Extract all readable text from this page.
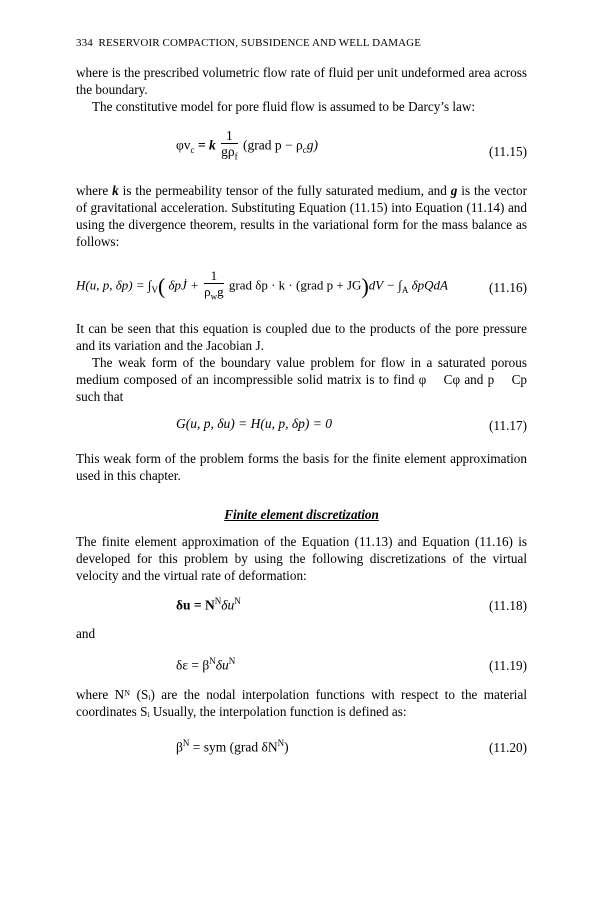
334 RESERVOIR COMPACTION, SUBSIDENCE AND WELL DAMAGE

where is the prescribed volumetric flow rate of fluid per unit undeformed area across the boundary.

The constitutive model for pore fluid flow is assumed to be Darcy’s law:

$\varphi v_c = k \frac{1}{g\rho_f}$ (grad $p - \rho_cg$)	(11.15)

where k is the permeability tensor of the fully saturated medium, and g is the vector of gravitational acceleration. Substituting Equation (11.15) into Equation (11.14) and using the divergence theorem, results in the variational form for the mass balance as follows:

H(u, p, $\delta p) = \int_V$( δpJ̇ + $\frac{1}{\rho_wg}$ grad δp · k · (grad $p + JG)dV - \int_A$ δpQdA	(11.16)

It can be seen that this equation is coupled due to the products of the pore pressure and its variation and the Jacobian J.

The weak form of the boundary value problem for flow in a saturated porous medium composed of an incompressible solid matrix is to find φ  Cφ and p  Cp such that

G(u, p, δu) = H(u, p, δp) = 0	(11.17)

This weak form of the problem forms the basis for the finite element approximation used in this chapter.

Finite element discretization

The finite element approximation of the Equation (11.13) and Equation (11.16) is developed for this problem by using the following discretizations of the virtual velocity and the virtual rate of deformation:

$\delta u = N^N\delta u^N$	(11.18)

and

$\delta\varepsilon = \beta^N\delta u^N$	(11.19)

where Nᴺ (Sᵢ) are the nodal interpolation functions with respect to the material coordinates Sᵢ Usually, the interpolation function is defined as:

$\beta^N$ = sym (grad $\delta N^N$)	(11.20)
